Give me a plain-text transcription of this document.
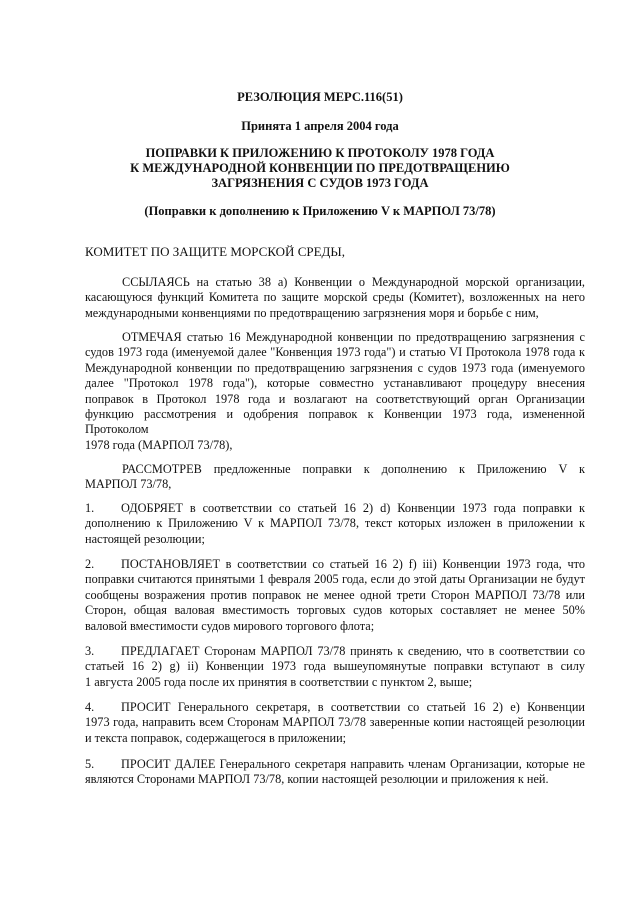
РЕЗОЛЮЦИЯ МЕРС.116(51)
Принята 1 апреля 2004 года
ПОПРАВКИ К ПРИЛОЖЕНИЮ К ПРОТОКОЛУ 1978 ГОДА
К МЕЖДУНАРОДНОЙ КОНВЕНЦИИ ПО ПРЕДОТВРАЩЕНИЮ
ЗАГРЯЗНЕНИЯ С СУДОВ 1973 ГОДА
(Поправки к дополнению к Приложению V к МАРПОЛ 73/78)
КОМИТЕТ ПО ЗАЩИТЕ МОРСКОЙ СРЕДЫ,
ССЫЛАЯСЬ на статью 38 а) Конвенции о Международной морской организации,
касающуюся функций Комитета по защите морской среды (Комитет), возложенных на него
международными конвенциями по предотвращению загрязнения моря и борьбе с ним,
ОТМЕЧАЯ статью 16 Международной конвенции по предотвращению загрязнения с
судов 1973 года (именуемой далее "Конвенция 1973 года") и статью VI Протокола 1978 года к
Международной конвенции по предотвращению загрязнения с судов 1973 года (именуемого
далее "Протокол 1978 года"), которые совместно устанавливают процедуру внесения
поправок в Протокол 1978 года и возлагают на соответствующий орган Организации
функцию рассмотрения и одобрения поправок к Конвенции 1973 года, измененной
Протоколом
1978 года (МАРПОЛ 73/78),
РАССМОТРЕВ предложенные поправки к дополнению к Приложению V к
МАРПОЛ 73/78,
1. ОДОБРЯЕТ в соответствии со статьей 16 2) d) Конвенции 1973 года поправки к
дополнению к Приложению V к МАРПОЛ 73/78, текст которых изложен в приложении к
настоящей резолюции;
2. ПОСТАНОВЛЯЕТ в соответствии со статьей 16 2) f) iii) Конвенции 1973 года, что
поправки считаются принятыми 1 февраля 2005 года, если до этой даты Организации не будут
сообщены возражения против поправок не менее одной трети Сторон МАРПОЛ 73/78 или
Сторон, общая валовая вместимость торговых судов которых составляет не менее 50%
валовой вместимости судов мирового торгового флота;
3. ПРЕДЛАГАЕТ Сторонам МАРПОЛ 73/78 принять к сведению, что в соответствии со
статьей 16 2) g) ii) Конвенции 1973 года вышеупомянутые поправки вступают в силу
1 августа 2005 года после их принятия в соответствии с пунктом 2, выше;
4. ПРОСИТ Генерального секретаря, в соответствии со статьей 16 2) e) Конвенции
1973 года, направить всем Сторонам МАРПОЛ 73/78 заверенные копии настоящей резолюции
и текста поправок, содержащегося в приложении;
5. ПРОСИТ ДАЛЕЕ Генерального секретаря направить членам Организации, которые не
являются Сторонами МАРПОЛ 73/78, копии настоящей резолюции и приложения к ней.
